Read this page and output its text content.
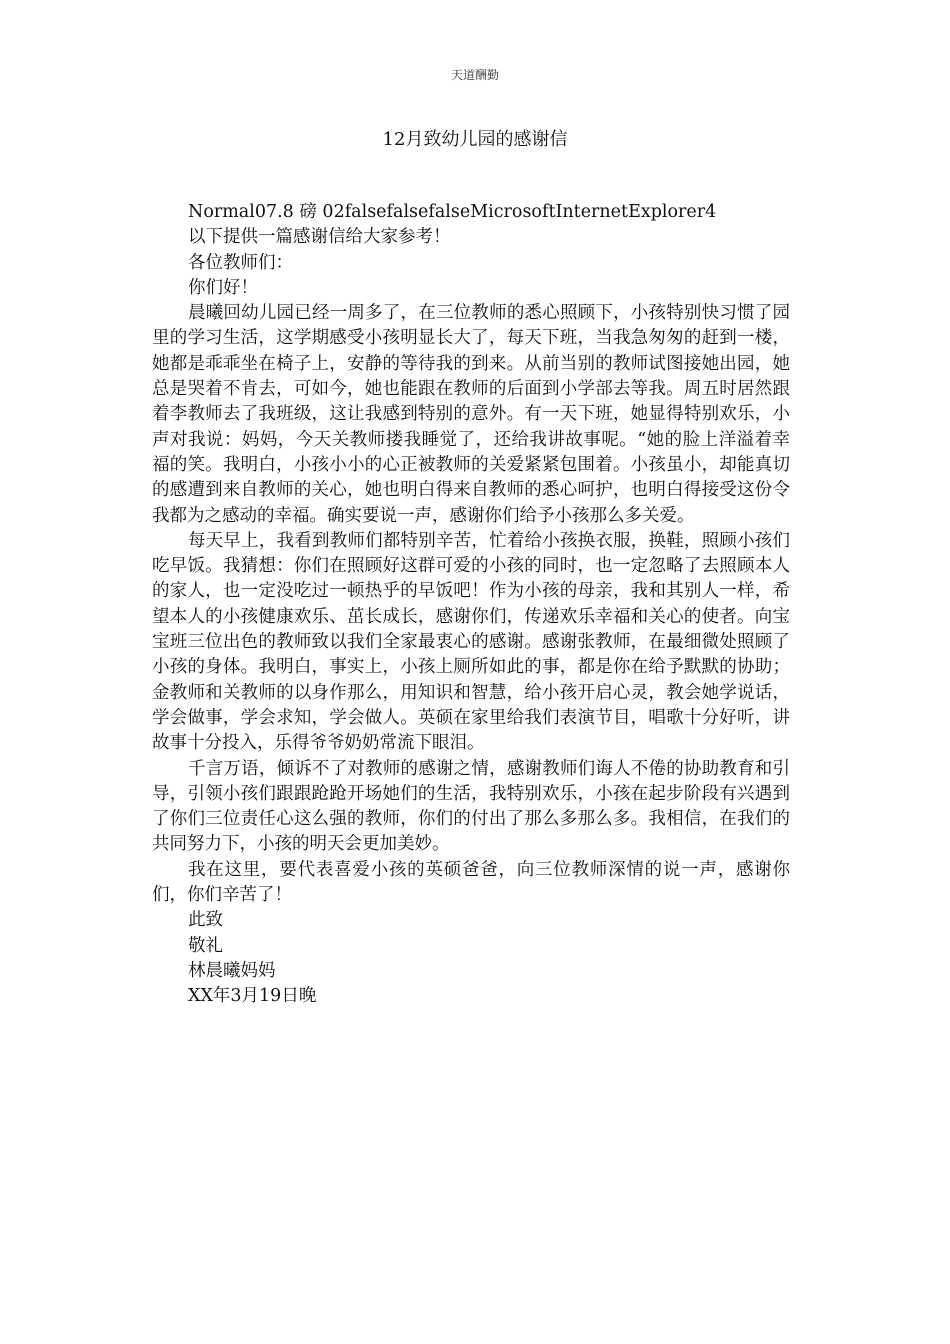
天道酬勤
12月致幼儿园的感谢信

Normal07.8 磅 02falsefalsefalseMicrosoftInternetExplorer4

以下提供一篇感谢信给大家参考！

各位教师们：

你们好！

晨曦回幼儿园已经一周多了，在三位教师的悉心照顾下，小孩特别快习惯了园里的学习生活，这学期感受小孩明显长大了，每天下班，当我急匆匆的赶到一楼，她都是乖乖坐在椅子上，安静的等待我的到来。从前当别的教师试图接她出园，她总是哭着不肯去，可如今，她也能跟在教师的后面到小学部去等我。周五时居然跟着李教师去了我班级，这让我感到特别的意外。有一天下班，她显得特别欢乐，小声对我说：妈妈，今天关教师搂我睡觉了，还给我讲故事呢。“她的脸上洋溢着幸福的笑。我明白，小孩小小的心正被教师的关爱紧紧包围着。小孩虽小，却能真切的感遭到来自教师的关心，她也明白得来自教师的悉心呵护，也明白得接受这份令我都为之感动的幸福。确实要说一声，感谢你们给予小孩那么多关爱。

每天早上，我看到教师们都特别辛苦，忙着给小孩换衣服，换鞋，照顾小孩们吃早饭。我猜想：你们在照顾好这群可爱的小孩的同时，也一定忽略了去照顾本人的家人，也一定没吃过一顿热乎的早饭吧！作为小孩的母亲，我和其别人一样，希望本人的小孩健康欢乐、茁长成长，感谢你们，传递欢乐幸福和关心的使者。向宝宝班三位出色的教师致以我们全家最衷心的感谢。感谢张教师，在最细微处照顾了小孩的身体。我明白，事实上，小孩上厕所如此的事，都是你在给予默默的协助；金教师和关教师的以身作那么，用知识和智慧，给小孩开启心灵，教会她学说话，学会做事，学会求知，学会做人。英硕在家里给我们表演节目，唱歌十分好听，讲故事十分投入，乐得爷爷奶奶常流下眼泪。

千言万语，倾诉不了对教师的感谢之情，感谢教师们诲人不倦的协助教育和引导，引领小孩们跟跟跄跄开场她们的生活，我特别欢乐，小孩在起步阶段有兴遇到了你们三位责任心这么强的教师，你们的付出了那么多那么多。我相信，在我们的共同努力下，小孩的明天会更加美妙。

我在这里，要代表喜爱小孩的英硕爸爸，向三位教师深情的说一声，感谢你们，你们辛苦了！

此致

敬礼

林晨曦妈妈

XX年3月19日晚
